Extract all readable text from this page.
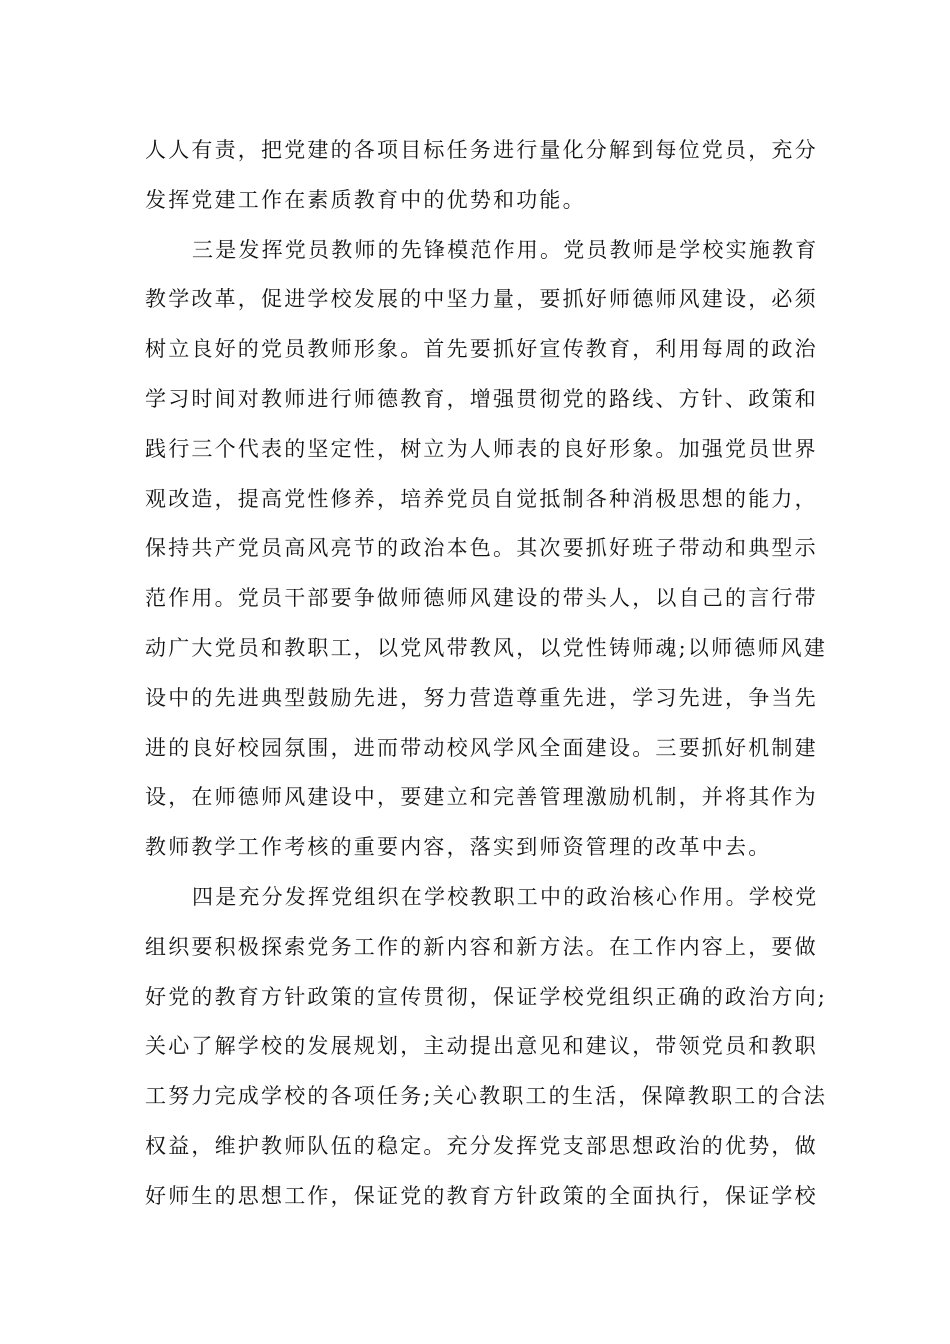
人人有责，把党建的各项目标任务进行量化分解到每位党员，充分
发挥党建工作在素质教育中的优势和功能。
三是发挥党员教师的先锋模范作用。党员教师是学校实施教育
教学改革，促进学校发展的中坚力量，要抓好师德师风建设，必须
树立良好的党员教师形象。首先要抓好宣传教育，利用每周的政治
学习时间对教师进行师德教育，增强贯彻党的路线、方针、政策和
践行三个代表的坚定性，树立为人师表的良好形象。加强党员世界
观改造，提高党性修养，培养党员自觉抵制各种消极思想的能力，
保持共产党员高风亮节的政治本色。其次要抓好班子带动和典型示
范作用。党员干部要争做师德师风建设的带头人，以自己的言行带
动广大党员和教职工，以党风带教风，以党性铸师魂;以师德师风建
设中的先进典型鼓励先进，努力营造尊重先进，学习先进，争当先
进的良好校园氛围，进而带动校风学风全面建设。三要抓好机制建
设，在师德师风建设中，要建立和完善管理激励机制，并将其作为
教师教学工作考核的重要内容，落实到师资管理的改革中去。
四是充分发挥党组织在学校教职工中的政治核心作用。学校党
组织要积极探索党务工作的新内容和新方法。在工作内容上，要做
好党的教育方针政策的宣传贯彻，保证学校党组织正确的政治方向;
关心了解学校的发展规划，主动提出意见和建议，带领党员和教职
工努力完成学校的各项任务;关心教职工的生活，保障教职工的合法
权益，维护教师队伍的稳定。充分发挥党支部思想政治的优势，做
好师生的思想工作，保证党的教育方针政策的全面执行，保证学校
